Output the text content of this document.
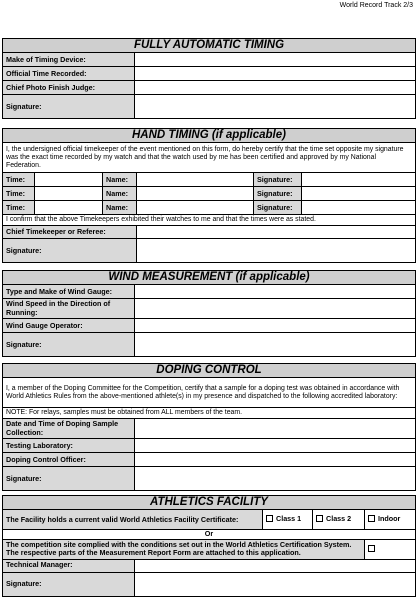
World Record Track 2/3
FULLY AUTOMATIC TIMING	
Make of Timing Device:	
Official Time Recorded:	
Chief Photo Finish Judge:	
Signature:	
HAND TIMING (if applicable)					
I, the undersigned official timekeeper of the event mentioned on this form, do hereby certify that the time set opposite my signature was the exact time recorded by my watch and that the watch used by me has been certified and approved by my National Federation.					
Time:		Name:		Signature:	
Time:		Name:		Signature:	
Time:		Name:		Signature:	
I confirm that the above Timekeepers exhibited their watches to me and that the times were as stated.					
Chief Timekeeper or Referee:					
Signature:					
WIND MEASUREMENT (if applicable)	
Type and Make of Wind Gauge:	
Wind Speed in the Direction of Running:	
Wind Gauge Operator:	
Signature:	
DOPING CONTROL	
I, a member of the Doping Committee for the Competition, certify that a sample for a doping test was obtained in accordance with World Athletics Rules from the above-mentioned athlete(s) in my presence and dispatched to the following accredited laboratory:	
NOTE: For relays, samples must be obtained from ALL members of the team.	
Date and Time of Doping Sample Collection:	
Testing Laboratory:	
Doping Control Officer:	
Signature:	
ATHLETICS FACILITY				
The Facility holds a current valid World Athletics Facility Certificate:		Class 1	Class 2	Indoor

Or				
The competition site complied with the conditions set out in the World Athletics Certification System. The respective parts of the Measurement Report Form are attached to this application.				
Technical Manager:				
Signature:				
